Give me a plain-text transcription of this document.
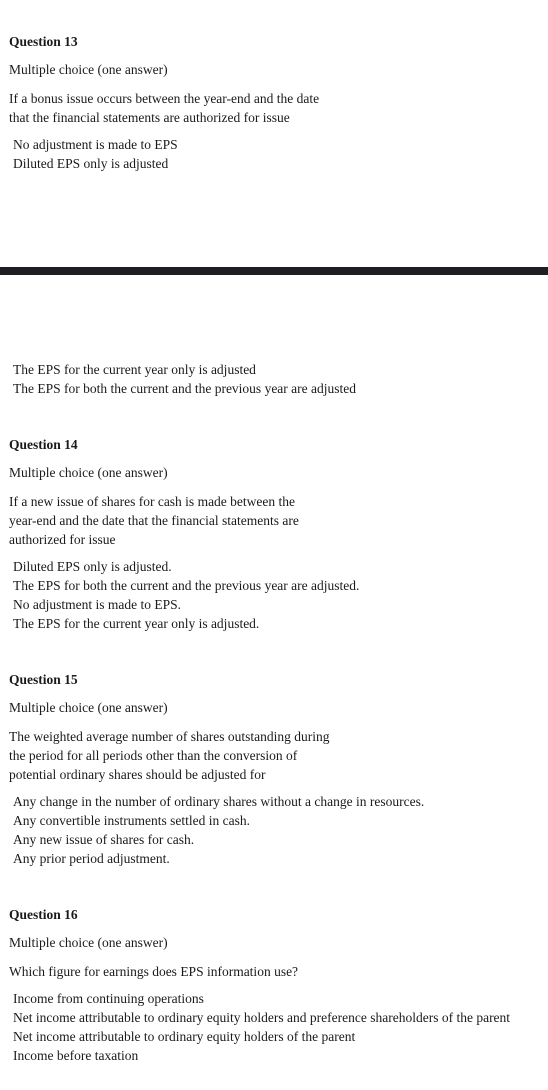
Question 13

Multiple choice (one answer)

If a bonus issue occurs between the year-end and the date
that the financial statements are authorized for issue

No adjustment is made to EPS
Diluted EPS only is adjusted
The EPS for the current year only is adjusted
The EPS for both the current and the previous year are adjusted

Question 14

Multiple choice (one answer)

If a new issue of shares for cash is made between the
year-end and the date that the financial statements are
authorized for issue

Diluted EPS only is adjusted.
The EPS for both the current and the previous year are adjusted.
No adjustment is made to EPS.
The EPS for the current year only is adjusted.

Question 15

Multiple choice (one answer)

The weighted average number of shares outstanding during
the period for all periods other than the conversion of
potential ordinary shares should be adjusted for

Any change in the number of ordinary shares without a change in resources.
Any convertible instruments settled in cash.
Any new issue of shares for cash.
Any prior period adjustment.

Question 16

Multiple choice (one answer)

Which figure for earnings does EPS information use?

Income from continuing operations
Net income attributable to ordinary equity holders and preference shareholders of the parent
Net income attributable to ordinary equity holders of the parent
Income before taxation
